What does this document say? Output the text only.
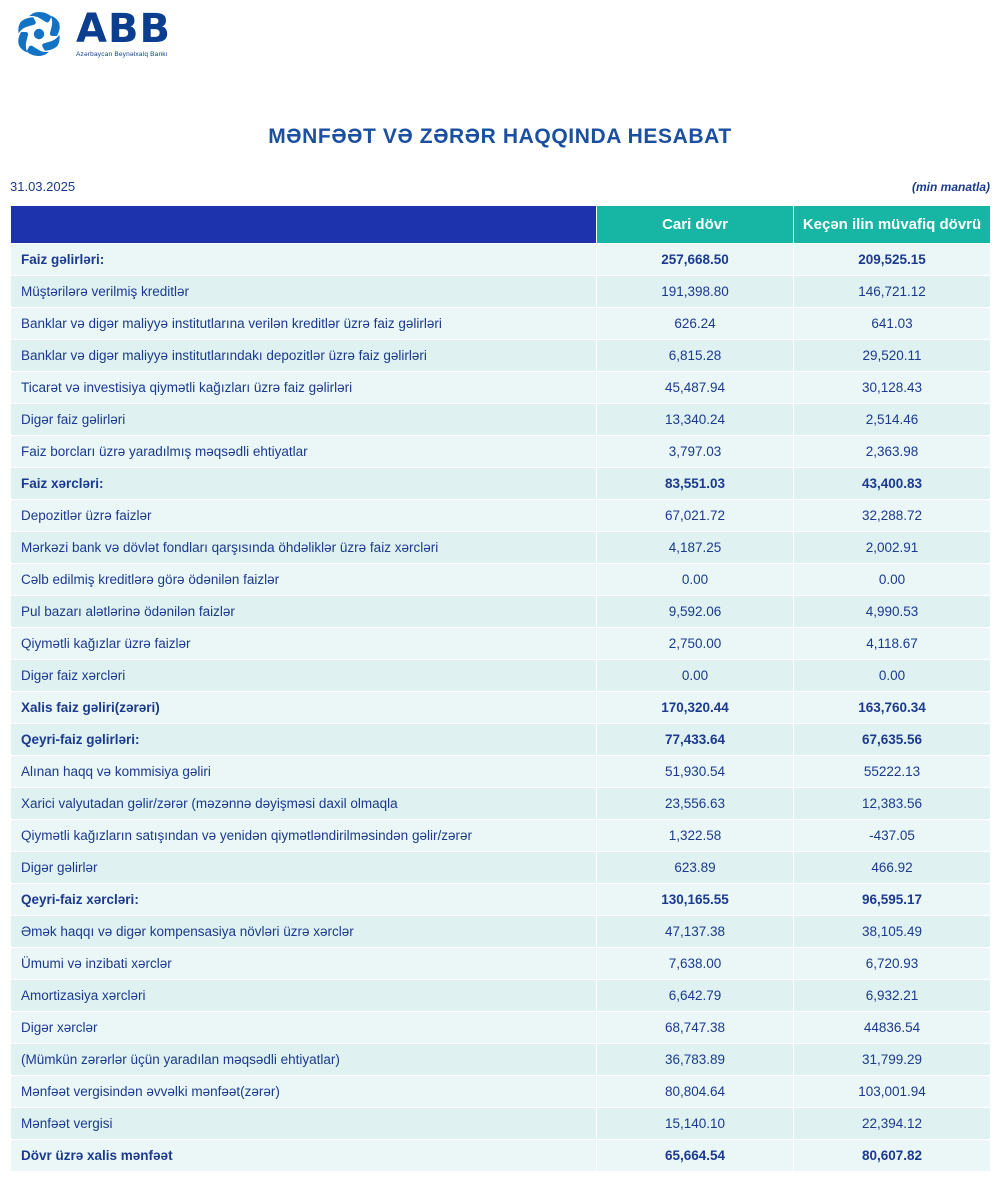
ABB
Azərbaycan Beynəlxalq Bankı
MƏNFƏƏT VƏ ZƏRƏR HAQQINDA HESABAT
31.03.2025	(min manatla)
	Cari dövr	Keçən ilin müvafiq dövrü
Faiz gəlirləri:	257,668.50	209,525.15
Müştərilərə verilmiş kreditlər	191,398.80	146,721.12
Banklar və digər maliyyə institutlarına verilən kreditlər üzrə faiz gəlirləri	626.24	641.03
Banklar və digər maliyyə institutlarındakı depozitlər üzrə faiz gəlirləri	6,815.28	29,520.11
Ticarət və investisiya qiymətli kağızları üzrə faiz gəlirləri	45,487.94	30,128.43
Digər faiz gəlirləri	13,340.24	2,514.46
Faiz borcları üzrə yaradılmış məqsədli ehtiyatlar	3,797.03	2,363.98
Faiz xərcləri:	83,551.03	43,400.83
Depozitlər üzrə faizlər	67,021.72	32,288.72
Mərkəzi bank və dövlət fondları qarşısında öhdəliklər üzrə faiz xərcləri	4,187.25	2,002.91
Cəlb edilmiş kreditlərə görə ödənilən faizlər	0.00	0.00
Pul bazarı alətlərinə ödənilən faizlər	9,592.06	4,990.53
Qiymətli kağızlar üzrə faizlər	2,750.00	4,118.67
Digər faiz xərcləri	0.00	0.00
Xalis faiz gəliri(zərəri)	170,320.44	163,760.34
Qeyri-faiz gəlirləri:	77,433.64	67,635.56
Alınan haqq və kommisiya gəliri	51,930.54	55222.13
Xarici valyutadan gəlir/zərər (məzənnə dəyişməsi daxil olmaqla	23,556.63	12,383.56
Qiymətli kağızların satışından və yenidən qiymətləndirilməsindən gəlir/zərər	1,322.58	-437.05
Digər gəlirlər	623.89	466.92
Qeyri-faiz xərcləri:	130,165.55	96,595.17
Əmək haqqı və digər kompensasiya növləri üzrə xərclər	47,137.38	38,105.49
Ümumi və inzibati xərclər	7,638.00	6,720.93
Amortizasiya xərcləri	6,642.79	6,932.21
Digər xərclər	68,747.38	44836.54
(Mümkün zərərlər üçün yaradılan məqsədli ehtiyatlar)	36,783.89	31,799.29
Mənfəət vergisindən əvvəlki mənfəət(zərər)	80,804.64	103,001.94
Mənfəət vergisi	15,140.10	22,394.12
Dövr üzrə xalis mənfəət	65,664.54	80,607.82
